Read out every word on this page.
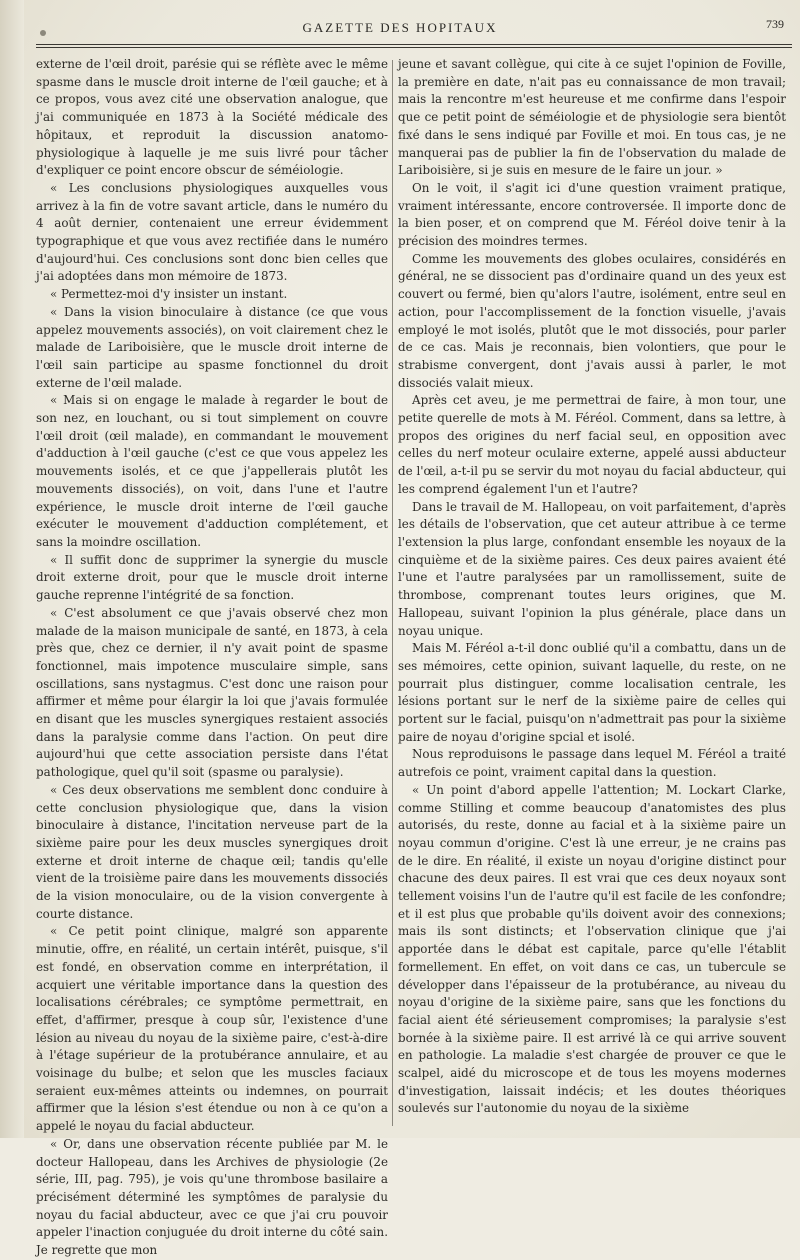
GAZETTE DES HOPITAUX	739

externe de l'œil droit, parésie qui se réflète avec le même spasme dans le muscle droit interne de l'œil gauche; et à ce propos, vous avez cité une observation analogue, que j'ai communiquée en 1873 à la Société médicale des hôpitaux, et reproduit la discussion anatomo-physiologique à laquelle je me suis livré pour tâcher d'expliquer ce point encore obscur de séméiologie.

« Les conclusions physiologiques auxquelles vous arrivez à la fin de votre savant article, dans le numéro du 4 août dernier, contenaient une erreur évidemment typographique et que vous avez rectifiée dans le numéro d'aujourd'hui. Ces conclusions sont donc bien celles que j'ai adoptées dans mon mémoire de 1873.

« Permettez-moi d'y insister un instant.

« Dans la vision binoculaire à distance (ce que vous appelez mouvements associés), on voit clairement chez le malade de Lariboisière, que le muscle droit interne de l'œil sain participe au spasme fonctionnel du droit externe de l'œil malade.

« Mais si on engage le malade à regarder le bout de son nez, en louchant, ou si tout simplement on couvre l'œil droit (œil malade), en commandant le mouvement d'adduction à l'œil gauche (c'est ce que vous appelez les mouvements isolés, et ce que j'appellerais plutôt les mouvements dissociés), on voit, dans l'une et l'autre expérience, le muscle droit interne de l'œil gauche exécuter le mouvement d'adduction complétement, et sans la moindre oscillation.

« Il suffit donc de supprimer la synergie du muscle droit externe droit, pour que le muscle droit interne gauche reprenne l'intégrité de sa fonction.

« C'est absolument ce que j'avais observé chez mon malade de la maison municipale de santé, en 1873, à cela près que, chez ce dernier, il n'y avait point de spasme fonctionnel, mais impotence musculaire simple, sans oscillations, sans nystagmus. C'est donc une raison pour affirmer et même pour élargir la loi que j'avais formulée en disant que les muscles synergiques restaient associés dans la paralysie comme dans l'action. On peut dire aujourd'hui que cette association persiste dans l'état pathologique, quel qu'il soit (spasme ou paralysie).

« Ces deux observations me semblent donc conduire à cette conclusion physiologique que, dans la vision binoculaire à distance, l'incitation nerveuse part de la sixième paire pour les deux muscles synergiques droit externe et droit interne de chaque œil; tandis qu'elle vient de la troisième paire dans les mouvements dissociés de la vision monoculaire, ou de la vision convergente à courte distance.

« Ce petit point clinique, malgré son apparente minutie, offre, en réalité, un certain intérêt, puisque, s'il est fondé, en observation comme en interprétation, il acquiert une véritable importance dans la question des localisations cérébrales; ce symptôme permettrait, en effet, d'affirmer, presque à coup sûr, l'existence d'une lésion au niveau du noyau de la sixième paire, c'est-à-dire à l'étage supérieur de la protubérance annulaire, et au voisinage du bulbe; et selon que les muscles faciaux seraient eux-mêmes atteints ou indemnes, on pourrait affirmer que la lésion s'est étendue ou non à ce qu'on a appelé le noyau du facial abducteur.

« Or, dans une observation récente publiée par M. le docteur Hallopeau, dans les Archives de physiologie (2e série, III, pag. 795), je vois qu'une thrombose basilaire a précisément déterminé les symptômes de paralysie du noyau du facial abducteur, avec ce que j'ai cru pouvoir appeler l'inaction conjuguée du droit interne du côté sain. Je regrette que mon

jeune et savant collègue, qui cite à ce sujet l'opinion de Foville, la première en date, n'ait pas eu connaissance de mon travail; mais la rencontre m'est heureuse et me confirme dans l'espoir que ce petit point de séméiologie et de physiologie sera bientôt fixé dans le sens indiqué par Foville et moi. En tous cas, je ne manquerai pas de publier la fin de l'observation du malade de Lariboisière, si je suis en mesure de le faire un jour. »

On le voit, il s'agit ici d'une question vraiment pratique, vraiment intéressante, encore controversée. Il importe donc de la bien poser, et on comprend que M. Féréol doive tenir à la précision des moindres termes.

Comme les mouvements des globes oculaires, considérés en général, ne se dissocient pas d'ordinaire quand un des yeux est couvert ou fermé, bien qu'alors l'autre, isolément, entre seul en action, pour l'accomplissement de la fonction visuelle, j'avais employé le mot isolés, plutôt que le mot dissociés, pour parler de ce cas. Mais je reconnais, bien volontiers, que pour le strabisme convergent, dont j'avais aussi à parler, le mot dissociés valait mieux.

Après cet aveu, je me permettrai de faire, à mon tour, une petite querelle de mots à M. Féréol. Comment, dans sa lettre, à propos des origines du nerf facial seul, en opposition avec celles du nerf moteur oculaire externe, appelé aussi abducteur de l'œil, a-t-il pu se servir du mot noyau du facial abducteur, qui les comprend également l'un et l'autre?

Dans le travail de M. Hallopeau, on voit parfaitement, d'après les détails de l'observation, que cet auteur attribue à ce terme l'extension la plus large, confondant ensemble les noyaux de la cinquième et de la sixième paires. Ces deux paires avaient été l'une et l'autre paralysées par un ramollissement, suite de thrombose, comprenant toutes leurs origines, que M. Hallopeau, suivant l'opinion la plus générale, place dans un noyau unique.

Mais M. Féréol a-t-il donc oublié qu'il a combattu, dans un de ses mémoires, cette opinion, suivant laquelle, du reste, on ne pourrait plus distinguer, comme localisation centrale, les lésions portant sur le nerf de la sixième paire de celles qui portent sur le facial, puisqu'on n'admettrait pas pour la sixième paire de noyau d'origine spcial et isolé.

Nous reproduisons le passage dans lequel M. Féréol a traité autrefois ce point, vraiment capital dans la question.

« Un point d'abord appelle l'attention; M. Lockart Clarke, comme Stilling et comme beaucoup d'anatomistes des plus autorisés, du reste, donne au facial et à la sixième paire un noyau commun d'origine. C'est là une erreur, je ne crains pas de le dire. En réalité, il existe un noyau d'origine distinct pour chacune des deux paires. Il est vrai que ces deux noyaux sont tellement voisins l'un de l'autre qu'il est facile de les confondre; et il est plus que probable qu'ils doivent avoir des connexions; mais ils sont distincts; et l'observation clinique que j'ai apportée dans le débat est capitale, parce qu'elle l'établit formellement. En effet, on voit dans ce cas, un tubercule se développer dans l'épaisseur de la protubérance, au niveau du noyau d'origine de la sixième paire, sans que les fonctions du facial aient été sérieusement compromises; la paralysie s'est bornée à la sixième paire. Il est arrivé là ce qui arrive souvent en pathologie. La maladie s'est chargée de prouver ce que le scalpel, aidé du microscope et de tous les moyens modernes d'investigation, laissait indécis; et les doutes théoriques soulevés sur l'autonomie du noyau de la sixième
